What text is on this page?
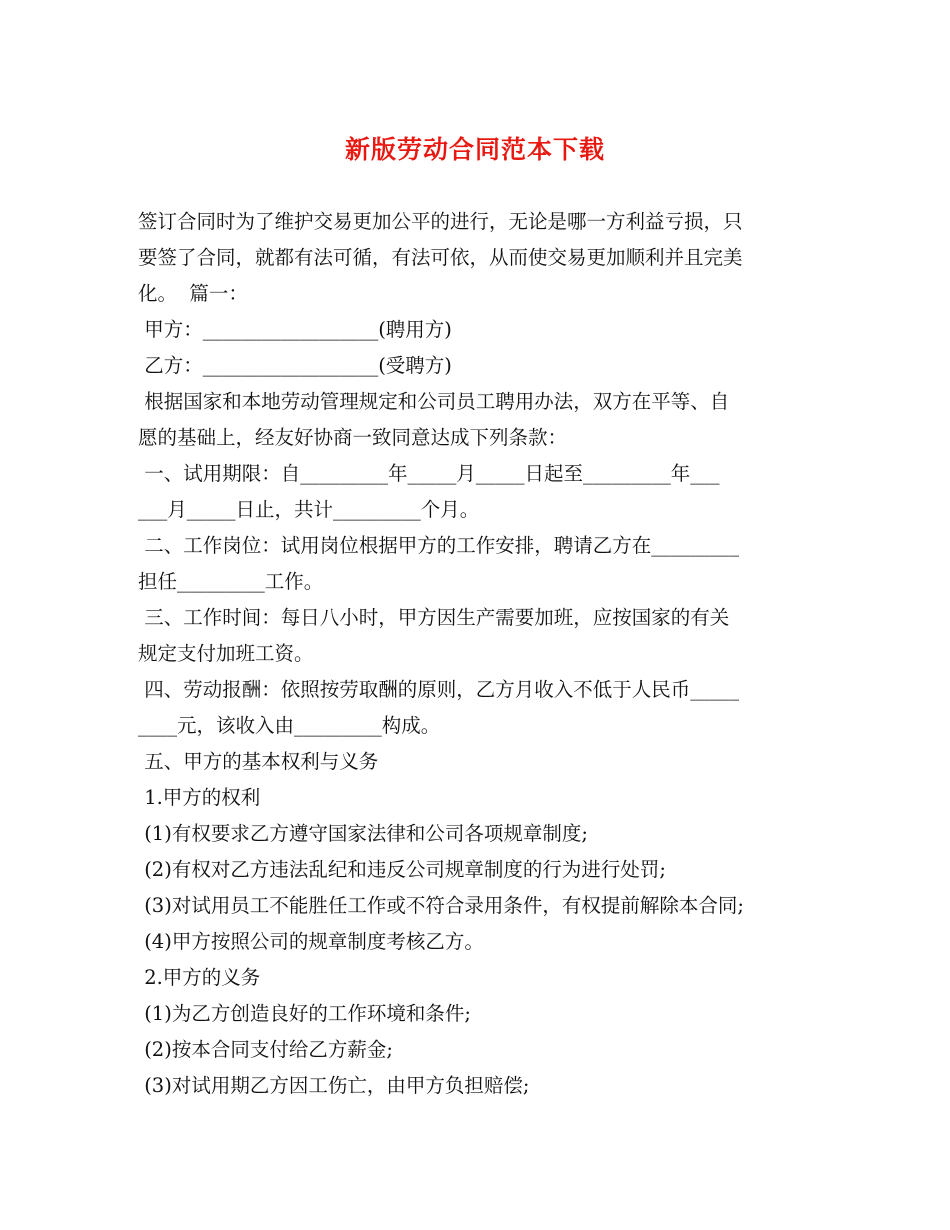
新版劳动合同范本下载
签订合同时为了维护交易更加公平的进行，无论是哪一方利益亏损，只
要签了合同，就都有法可循，有法可依，从而使交易更加顺利并且完美
化。  篇一：
甲方：__________________(聘用方)
乙方：__________________(受聘方)
根据国家和本地劳动管理规定和公司员工聘用办法，双方在平等、自
愿的基础上，经友好协商一致同意达成下列条款：
一、试用期限：自_________年_____月_____日起至_________年___
___月_____日止，共计_________个月。
二、工作岗位：试用岗位根据甲方的工作安排，聘请乙方在_________
担任_________工作。
三、工作时间：每日八小时，甲方因生产需要加班，应按国家的有关
规定支付加班工资。
四、劳动报酬：依照按劳取酬的原则，乙方月收入不低于人民币_____
____元，该收入由_________构成。
五、甲方的基本权利与义务
1.甲方的权利
(1)有权要求乙方遵守国家法律和公司各项规章制度;
(2)有权对乙方违法乱纪和违反公司规章制度的行为进行处罚;
(3)对试用员工不能胜任工作或不符合录用条件，有权提前解除本合同;
(4)甲方按照公司的规章制度考核乙方。
2.甲方的义务
(1)为乙方创造良好的工作环境和条件;
(2)按本合同支付给乙方薪金;
(3)对试用期乙方因工伤亡，由甲方负担赔偿;
